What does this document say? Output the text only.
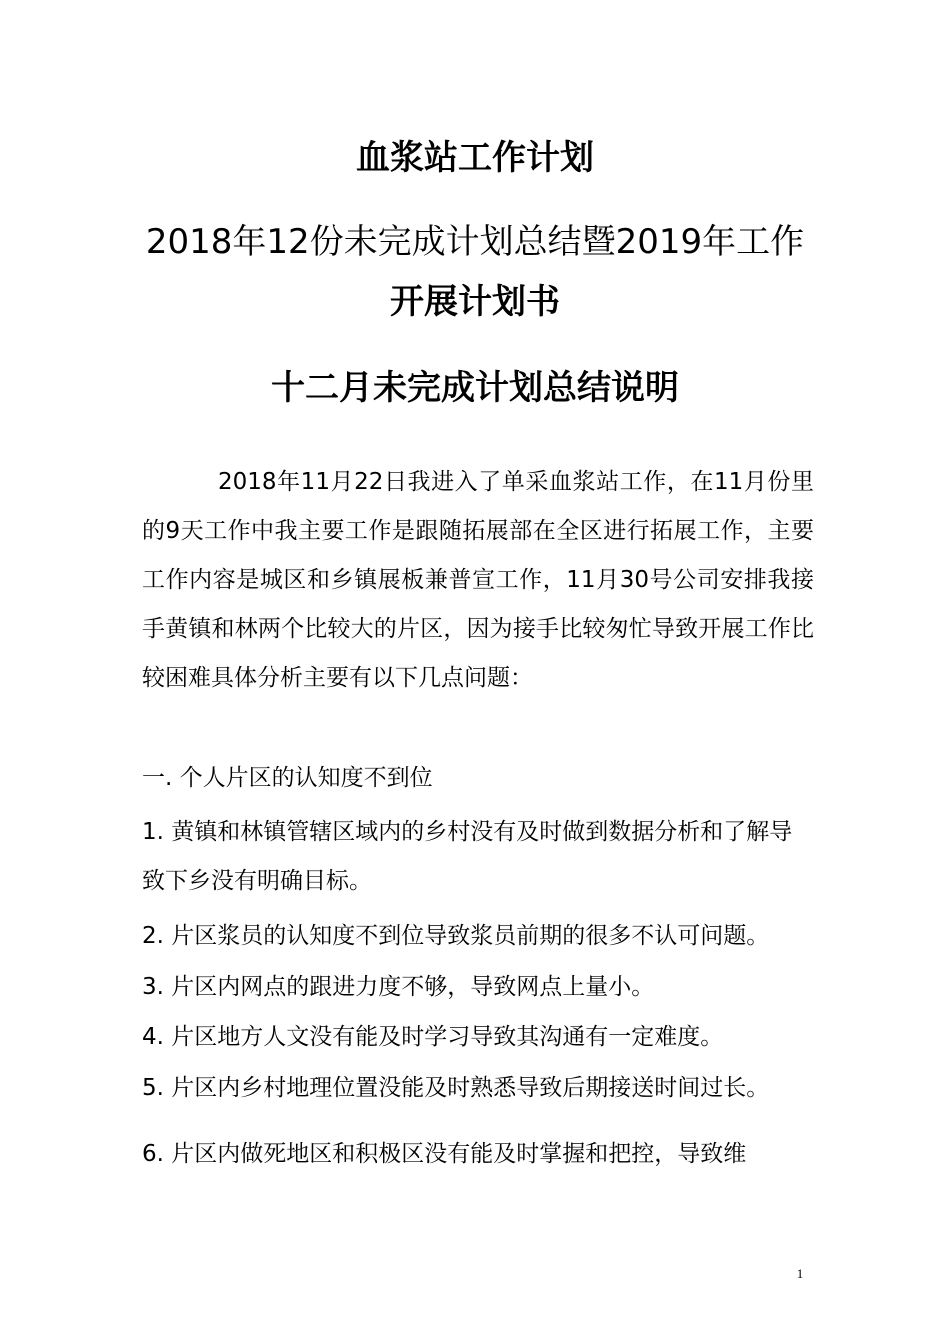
血浆站工作计划
2018年12份未完成计划总结暨2019年工作
开展计划书
十二月未完成计划总结说明

2018年11月22日我进入了单采血浆站工作，在11月份里的9天工作中我主要工作是跟随拓展部在全区进行拓展工作，主要工作内容是城区和乡镇展板兼普宣工作，11月30号公司安排我接手黄镇和林两个比较大的片区，因为接手比较匆忙导致开展工作比较困难具体分析主要有以下几点问题：

一. 个人片区的认知度不到位

1. 黄镇和林镇管辖区域内的乡村没有及时做到数据分析和了解导致下乡没有明确目标。

2. 片区浆员的认知度不到位导致浆员前期的很多不认可问题。

3. 片区内网点的跟进力度不够，导致网点上量小。

4. 片区地方人文没有能及时学习导致其沟通有一定难度。

5. 片区内乡村地理位置没能及时熟悉导致后期接送时间过长。

6. 片区内做死地区和积极区没有能及时掌握和把控，导致维

1
